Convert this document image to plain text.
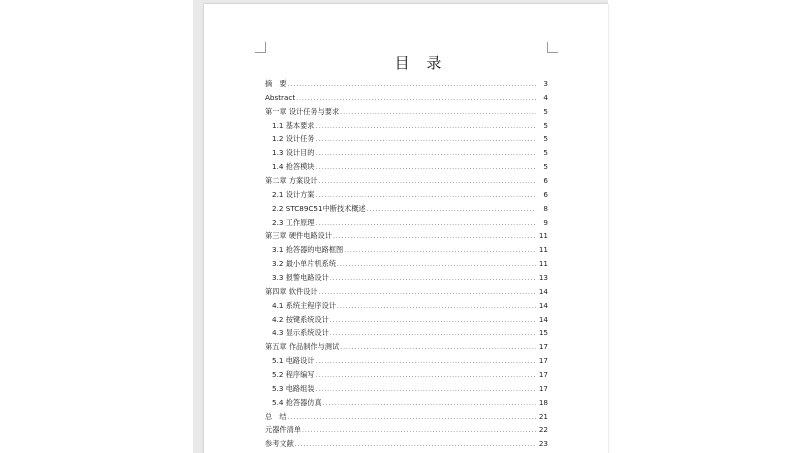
目 录
摘　要 .....	3
Abstract .....	4
第一章 设计任务与要求 .....	5
1.1 基本要求 .....	5
1.2 设计任务 .....	5
1.3 设计目的 .....	5
1.4 抢答模块 .....	5
第二章 方案设计 .....	6
2.1 设计方案 .....	6
2.2 STC89C51中断技术概述 .....	8
2.3 工作原理 .....	9
第三章 硬件电路设计 .....	11
3.1 抢答器的电路框图 .....	11
3.2 最小单片机系统 .....	11
3.3 报警电路设计 .....	13
第四章 软件设计 .....	14
4.1 系统主程序设计 .....	14
4.2 按键系统设计 .....	14
4.3 显示系统设计 .....	15
第五章 作品制作与测试 .....	17
5.1 电路设计 .....	17
5.2 程序编写 .....	17
5.3 电路组装 .....	17
5.4 抢答器仿真 .....	18
总　结 .....	21
元器件清单 .....	22
参考文献 .....	23
